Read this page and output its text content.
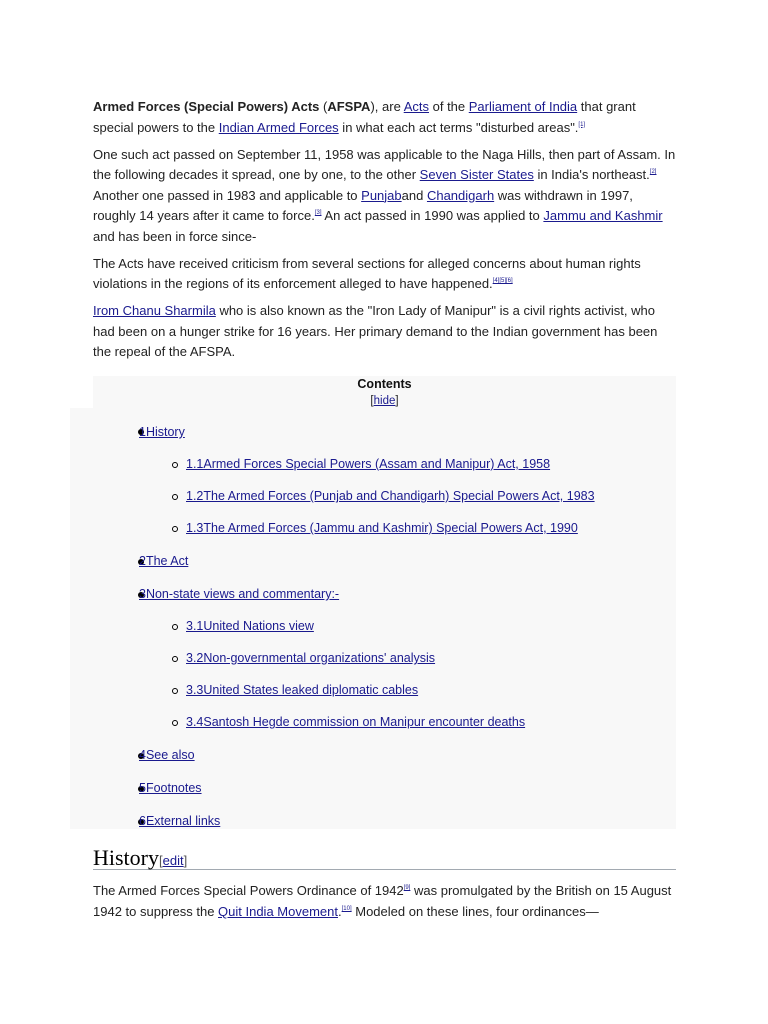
Armed Forces (Special Powers) Acts (AFSPA), are Acts of the Parliament of India that grant special powers to the Indian Armed Forces in what each act terms "disturbed areas".[1]

One such act passed on September 11, 1958 was applicable to the Naga Hills, then part of Assam. In the following decades it spread, one by one, to the other Seven Sister States in India's northeast.[2] Another one passed in 1983 and applicable to Punjaband Chandigarh was withdrawn in 1997, roughly 14 years after it came to force.[3] An act passed in 1990 was applied to Jammu and Kashmir and has been in force since-

The Acts have received criticism from several sections for alleged concerns about human rights violations in the regions of its enforcement alleged to have happened.[4][5][6]

Irom Chanu Sharmila who is also known as the "Iron Lady of Manipur" is a civil rights activist, who had been on a hunger strike for 16 years. Her primary demand to the Indian government has been the repeal of the AFSPA.

Contents
[hide]
1History
1.1Armed Forces Special Powers (Assam and Manipur) Act, 1958
1.2The Armed Forces (Punjab and Chandigarh) Special Powers Act, 1983
1.3The Armed Forces (Jammu and Kashmir) Special Powers Act, 1990
2The Act
3Non-state views and commentary:-
3.1United Nations view
3.2Non-governmental organizations' analysis
3.3United States leaked diplomatic cables
3.4Santosh Hegde commission on Manipur encounter deaths
4See also
5Footnotes
6External links
History[edit]
The Armed Forces Special Powers Ordinance of 1942[9] was promulgated by the British on 15 August 1942 to suppress the Quit India Movement.[10] Modeled on these lines, four ordinances—
